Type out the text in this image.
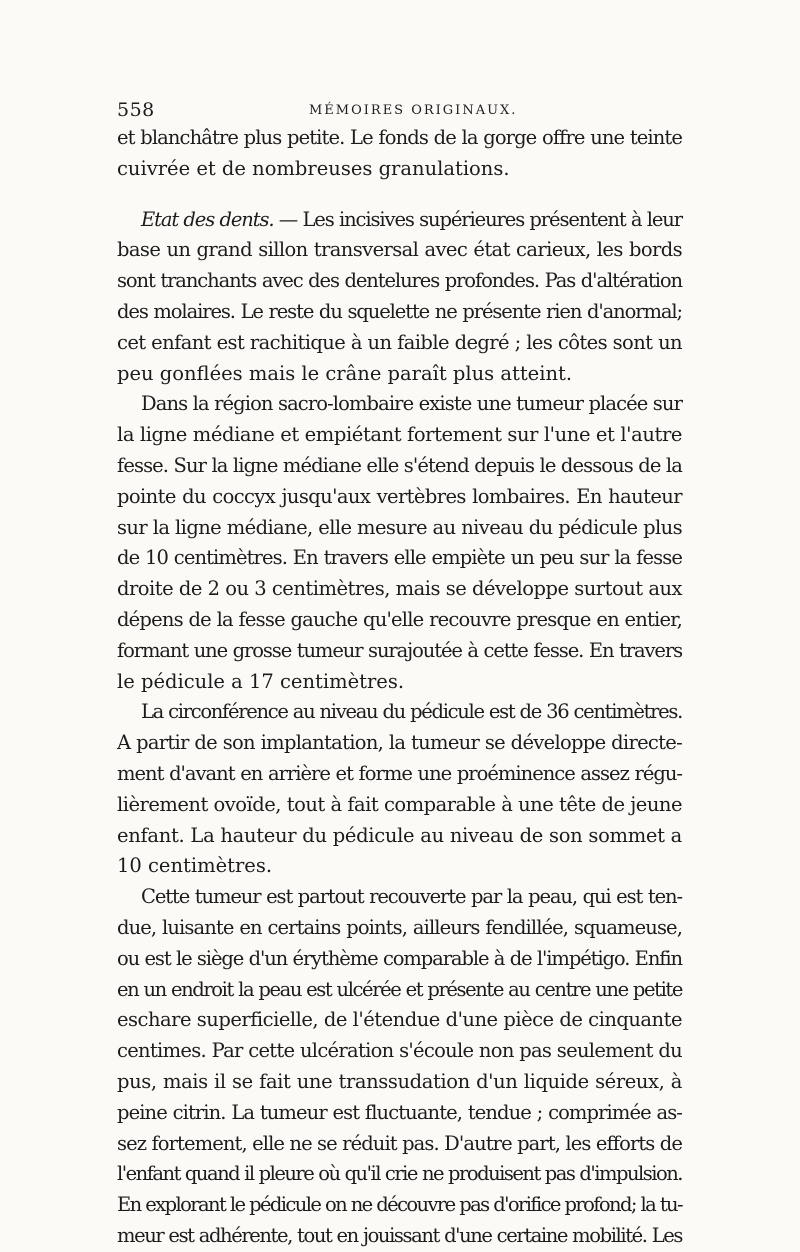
558	MÉMOIRES ORIGINAUX.

et blanchâtre plus petite. Le fonds de la gorge offre une teinte
cuivrée et de nombreuses granulations.

Etat des dents. — Les incisives supérieures présentent à leur
base un grand sillon transversal avec état carieux, les bords
sont tranchants avec des dentelures profondes. Pas d'altération
des molaires. Le reste du squelette ne présente rien d'anormal;
cet enfant est rachitique à un faible degré ; les côtes sont un
peu gonflées mais le crâne paraît plus atteint.

Dans la région sacro-lombaire existe une tumeur placée sur
la ligne médiane et empiétant fortement sur l'une et l'autre
fesse. Sur la ligne médiane elle s'étend depuis le dessous de la
pointe du coccyx jusqu'aux vertèbres lombaires. En hauteur
sur la ligne médiane, elle mesure au niveau du pédicule plus
de 10 centimètres. En travers elle empiète un peu sur la fesse
droite de 2 ou 3 centimètres, mais se développe surtout aux
dépens de la fesse gauche qu'elle recouvre presque en entier,
formant une grosse tumeur surajoutée à cette fesse. En travers
le pédicule a 17 centimètres.

La circonférence au niveau du pédicule est de 36 centimètres.
A partir de son implantation, la tumeur se développe directe-
ment d'avant en arrière et forme une proéminence assez régu-
lièrement ovoïde, tout à fait comparable à une tête de jeune
enfant. La hauteur du pédicule au niveau de son sommet a
10 centimètres.

Cette tumeur est partout recouverte par la peau, qui est ten-
due, luisante en certains points, ailleurs fendillée, squameuse,
ou est le siège d'un érythème comparable à de l'impétigo. Enfin
en un endroit la peau est ulcérée et présente au centre une petite
eschare superficielle, de l'étendue d'une pièce de cinquante
centimes. Par cette ulcération s'écoule non pas seulement du
pus, mais il se fait une transsudation d'un liquide séreux, à
peine citrin. La tumeur est fluctuante, tendue ; comprimée as-
sez fortement, elle ne se réduit pas. D'autre part, les efforts de
l'enfant quand il pleure où qu'il crie ne produisent pas d'impulsion.
En explorant le pédicule on ne découvre pas d'orifice profond; la tu-
meur est adhérente, tout en jouissant d'une certaine mobilité. Les
